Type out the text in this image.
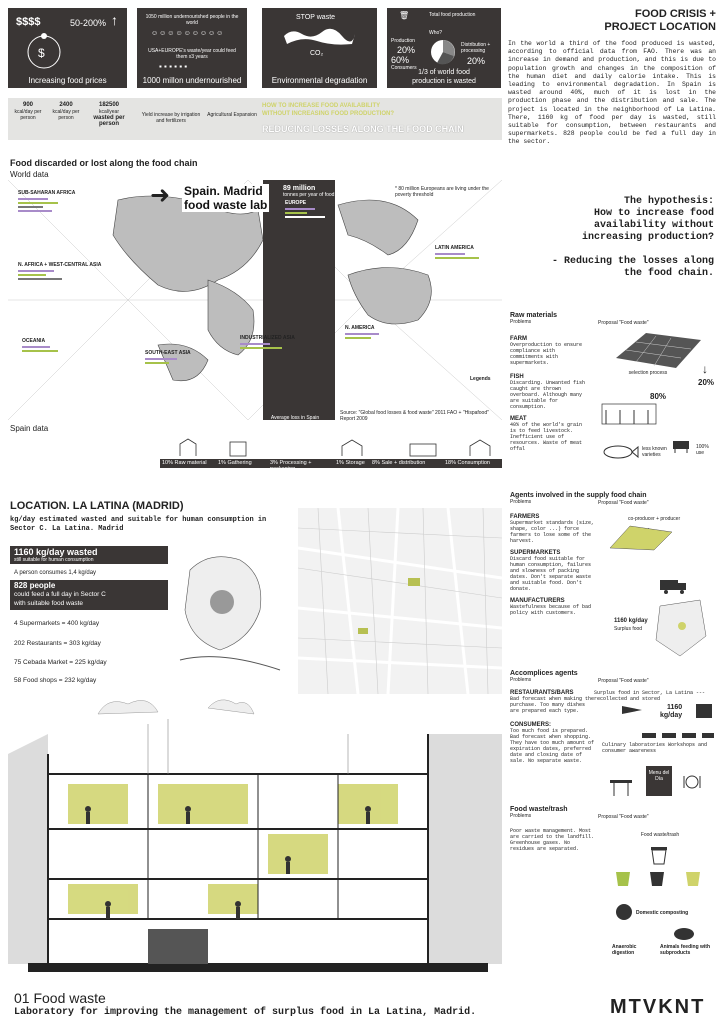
$$$$	50-200% ↑
$
Increasing food prices
1050 million undernourished people in the world
☺☺☺☺☺☺☺☺☺
USA+EUROPE's waste/year could feed them x3 years
▪ ▪ ▪ ▪ ▪ ▪
1000 millon undernourished
STOP waste
CO₂
Environmental degradation
🗑	Total food production
Who?
Production
20%
60%
Consumers
Distribution + processing
20%
1/3 of world food
production is wasted
FOOD CRISIS +
PROJECT LOCATION
In the world a third of the food produced is wasted, according to official data from FAO. There was an increase in demand and production, and this is due to population growth and changes in the composition of the human diet and daily calorie intake. This is leading to environmental degradation. In Spain is wasted around 40%, much of it is lost in the production phase and the distribution and sale. The project is located in the neighborhood of La Latina. There, 1160 kg of food per day is wasted, still suitable for consumption, between restaurants and supermarkets. 828 people could be fed a full day in the sector.
900
kcal/day per person
2400
kcal/day per person
182500
kcal/year
wasted per person
Yield increase by irrigation and fertilizers
Agricultural Expansion
HOW TO INCREASE FOOD AVAILABILITY
WITHOUT INCREASING FOOD PRODUCTION?
REDUCING LOSSES ALONG THE FOOD CHAIN
Food discarded or lost along the food chain
World data
SUB-SAHARAN AFRICA
N. AFRICA + WEST-CENTRAL ASIA
EUROPE
LATIN AMERICA
N. AMERICA
OCEANIA
SOUTH-EAST ASIA
INDUSTRIALIZED ASIA
Spain. Madrid
food waste lab
➜	89 million
tonnes per year of food
* 80 million Europeans are living under the poverty threshold
Average loss in Spain
along the food Chain
(100% = total estimated production)
Source: "Global food losses & food waste" 2011 FAO + "Hispafood" Report 2009
Legends
Spain data
10% Raw material 1% Gathering	3% Processing + packaging
1% Storage 8% Sale + distribution	18% Consumption
The hypothesis:
How to increase food
availability without
increasing production?
- Reducing the losses along
the food chain.
Raw materials
Problems	Proposal "Food waste"
FARM
Overproduction to ensure compliance with commitments with supermarkets.
FISH
Discarding. Unwanted fish caught are thrown overboard. Although many are suitable for consumption.
MEAT
40% of the world's grain is to feed livestock. Inefficient use of resources. Waste of meat offal
selection process
80%
20%
↓
less known varieties
100% use
LOCATION. LA LATINA (MADRID)
kg/day estimated wasted and suitable for human consumption in Sector C. La Latina. Madrid
1160 kg/day wasted
still suitable for human consumption
A person consumes 1,4 kg/day
828 people
could feed a full day in Sector C
with suitable food waste
4 Supermarkets = 400 kg/day
202 Restaurants = 303 kg/day
75 Cebada Market = 225 kg/day
58 Food shops = 232 kg/day
Agents involved in the supply food chain
Problems	Proposal "Food waste"
FARMERS
Supermarket standards (size, shape, color ...) force farmers to lose some of the harvest.
SUPERMARKETS
Discard food suitable for human consumption, failures and slowness of packing dates. Don't separate waste and suitable food. Don't donate.
MANUFACTURERS
Wastefulness because of bad policy with customers.
co-producer + producer
1160 kg/day
Surplus food
Accomplices agents
Problems	Proposal "Food waste"
RESTAURANTS/BARS
Bad forecast when making the purchase. Too many dishes are prepared each type.
CONSUMERS:
Too much food is prepared. Bad forecast when shopping. They have too much amount of expiration dates, preferred date and closing date of sale. No separate waste.
Surplus food in Sector, La Latina --- recollected and stored
1160
kg/day
Culinary laboratories Workshops and consumer awareness
Menu del Día
Food waste/trash
Problems	Proposal "Food waste"
Poor waste management. Most are carried to the landfill. Greenhouse gases. No residues are separated.
Food waste/trash
Domestic composting
Anaerobic digestion
Animals feeding with subproducts
01 Food waste
Laboratory for improving the management of surplus food in La Latina, Madrid.	MTVKNT
